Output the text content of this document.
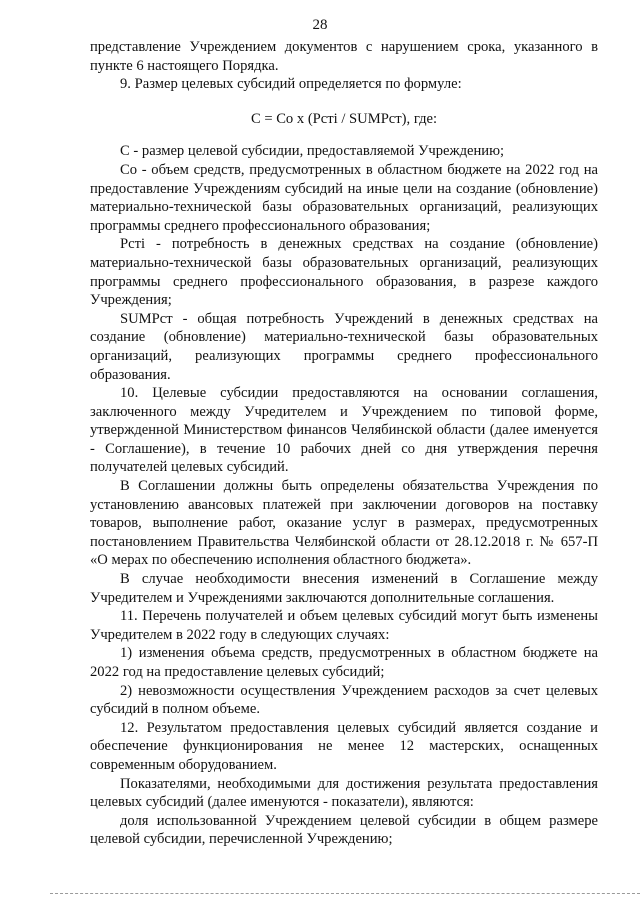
28

представление Учреждением документов с нарушением срока, указанного в пункте 6 настоящего Порядка.

9. Размер целевых субсидий определяется по формуле:

C = Co x (Pcтi / SUMPcт), где:

C - размер целевой субсидии, предоставляемой Учреждению;

Co - объем средств, предусмотренных в областном бюджете на 2022 год на предоставление Учреждениям субсидий на иные цели на создание (обновление) материально-технической базы образовательных организаций, реализующих программы среднего профессионального образования;

Pcтi - потребность в денежных средствах на создание (обновление) материально-технической базы образовательных организаций, реализующих программы среднего профессионального образования, в разрезе каждого Учреждения;

SUMPcт - общая потребность Учреждений в денежных средствах на создание (обновление) материально-технической базы образовательных организаций, реализующих программы среднего профессионального образования.

10. Целевые субсидии предоставляются на основании соглашения, заключенного между Учредителем и Учреждением по типовой форме, утвержденной Министерством финансов Челябинской области (далее именуется - Соглашение), в течение 10 рабочих дней со дня утверждения перечня получателей целевых субсидий.

В Соглашении должны быть определены обязательства Учреждения по установлению авансовых платежей при заключении договоров на поставку товаров, выполнение работ, оказание услуг в размерах, предусмотренных постановлением Правительства Челябинской области от 28.12.2018 г. № 657-П «О мерах по обеспечению исполнения областного бюджета».

В случае необходимости внесения изменений в Соглашение между Учредителем и Учреждениями заключаются дополнительные соглашения.

11. Перечень получателей и объем целевых субсидий могут быть изменены Учредителем в 2022 году в следующих случаях:

1) изменения объема средств, предусмотренных в областном бюджете на 2022 год на предоставление целевых субсидий;

2) невозможности осуществления Учреждением расходов за счет целевых субсидий в полном объеме.

12. Результатом предоставления целевых субсидий является создание и обеспечение функционирования не менее 12 мастерских, оснащенных современным оборудованием.

Показателями, необходимыми для достижения результата предоставления целевых субсидий (далее именуются - показатели), являются:

доля использованной Учреждением целевой субсидии в общем размере целевой субсидии, перечисленной Учреждению;
